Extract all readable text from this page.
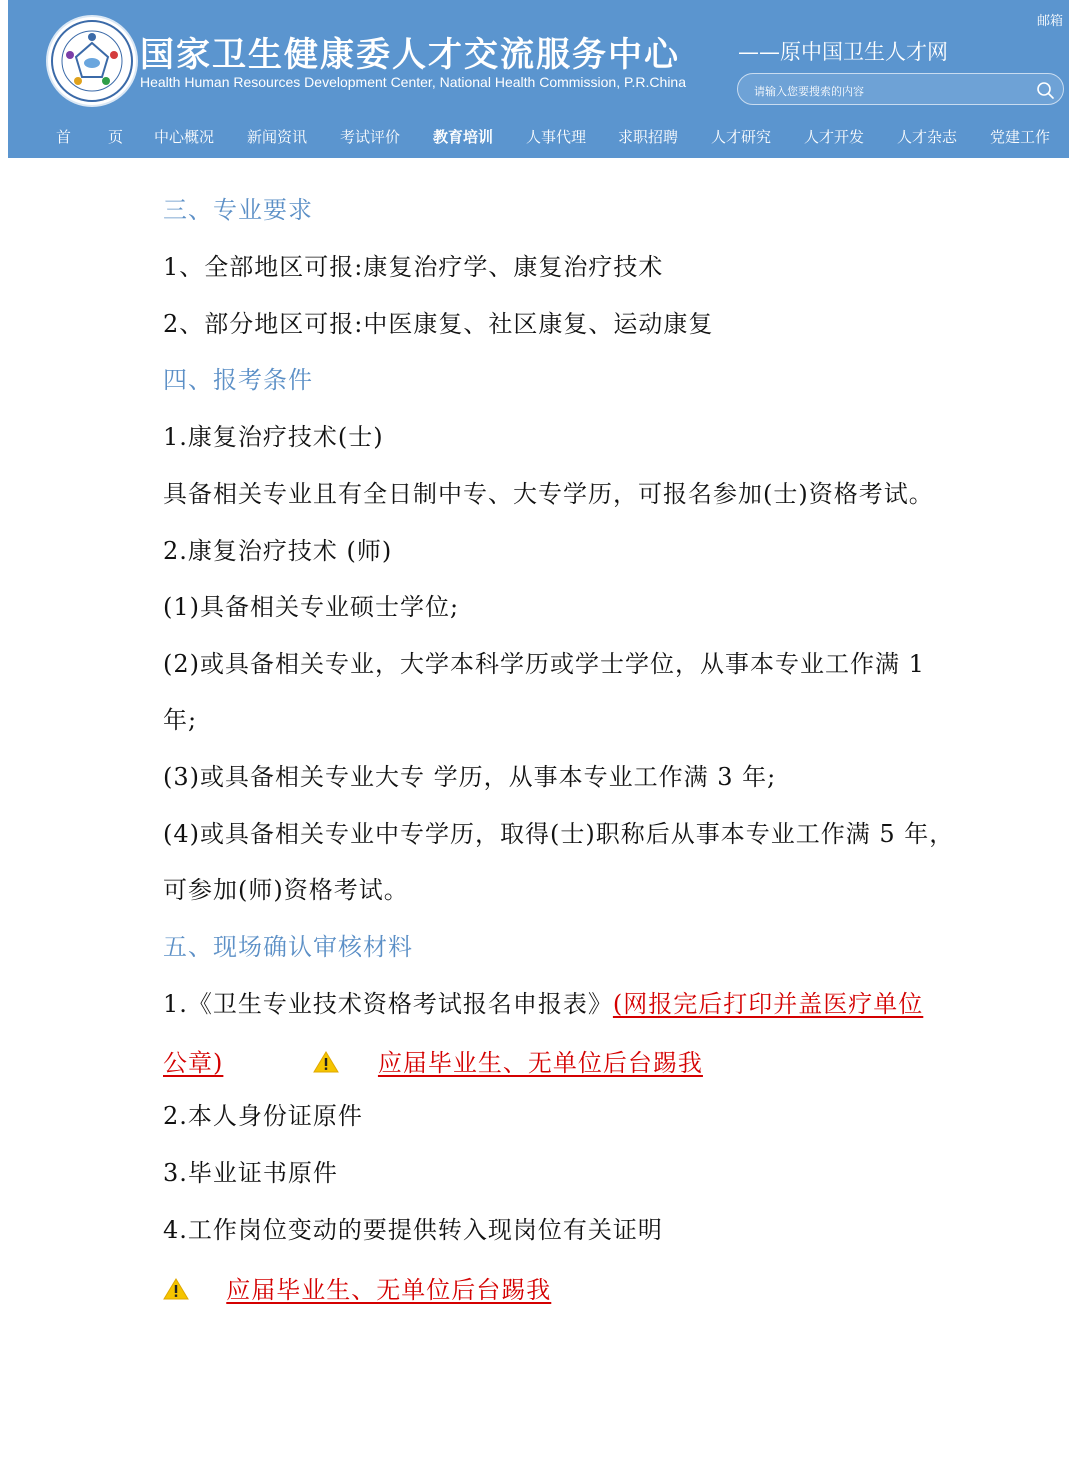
国家卫生健康委人才交流服务中心
Health Human Resources Development Center, National Health Commission, P.R.China
——原中国卫生人才网
邮箱
请输入您要搜索的内容
首 页 中心概况 新闻资讯 考试评价 教育培训 人事代理 求职招聘 人才研究 人才开发 人才杂志 党建工作
三、专业要求
1、全部地区可报:康复治疗学、康复治疗技术
2、部分地区可报:中医康复、社区康复、运动康复
四、报考条件
1.康复治疗技术(士)
具备相关专业且有全日制中专、大专学历，可报名参加(士)资格考试。
2.康复治疗技术 (师)
(1)具备相关专业硕士学位;
(2)或具备相关专业，大学本科学历或学士学位，从事本专业工作满 1
年;
(3)或具备相关专业大专 学历，从事本专业工作满 3 年;
(4)或具备相关专业中专学历，取得(士)职称后从事本专业工作满 5 年，
可参加(师)资格考试。
五、现场确认审核材料
1.《卫生专业技术资格考试报名申报表》(网报完后打印并盖医疗单位
公章)	应届毕业生、无单位后台踢我
2.本人身份证原件
3.毕业证书原件
4.工作岗位变动的要提供转入现岗位有关证明
应届毕业生、无单位后台踢我
